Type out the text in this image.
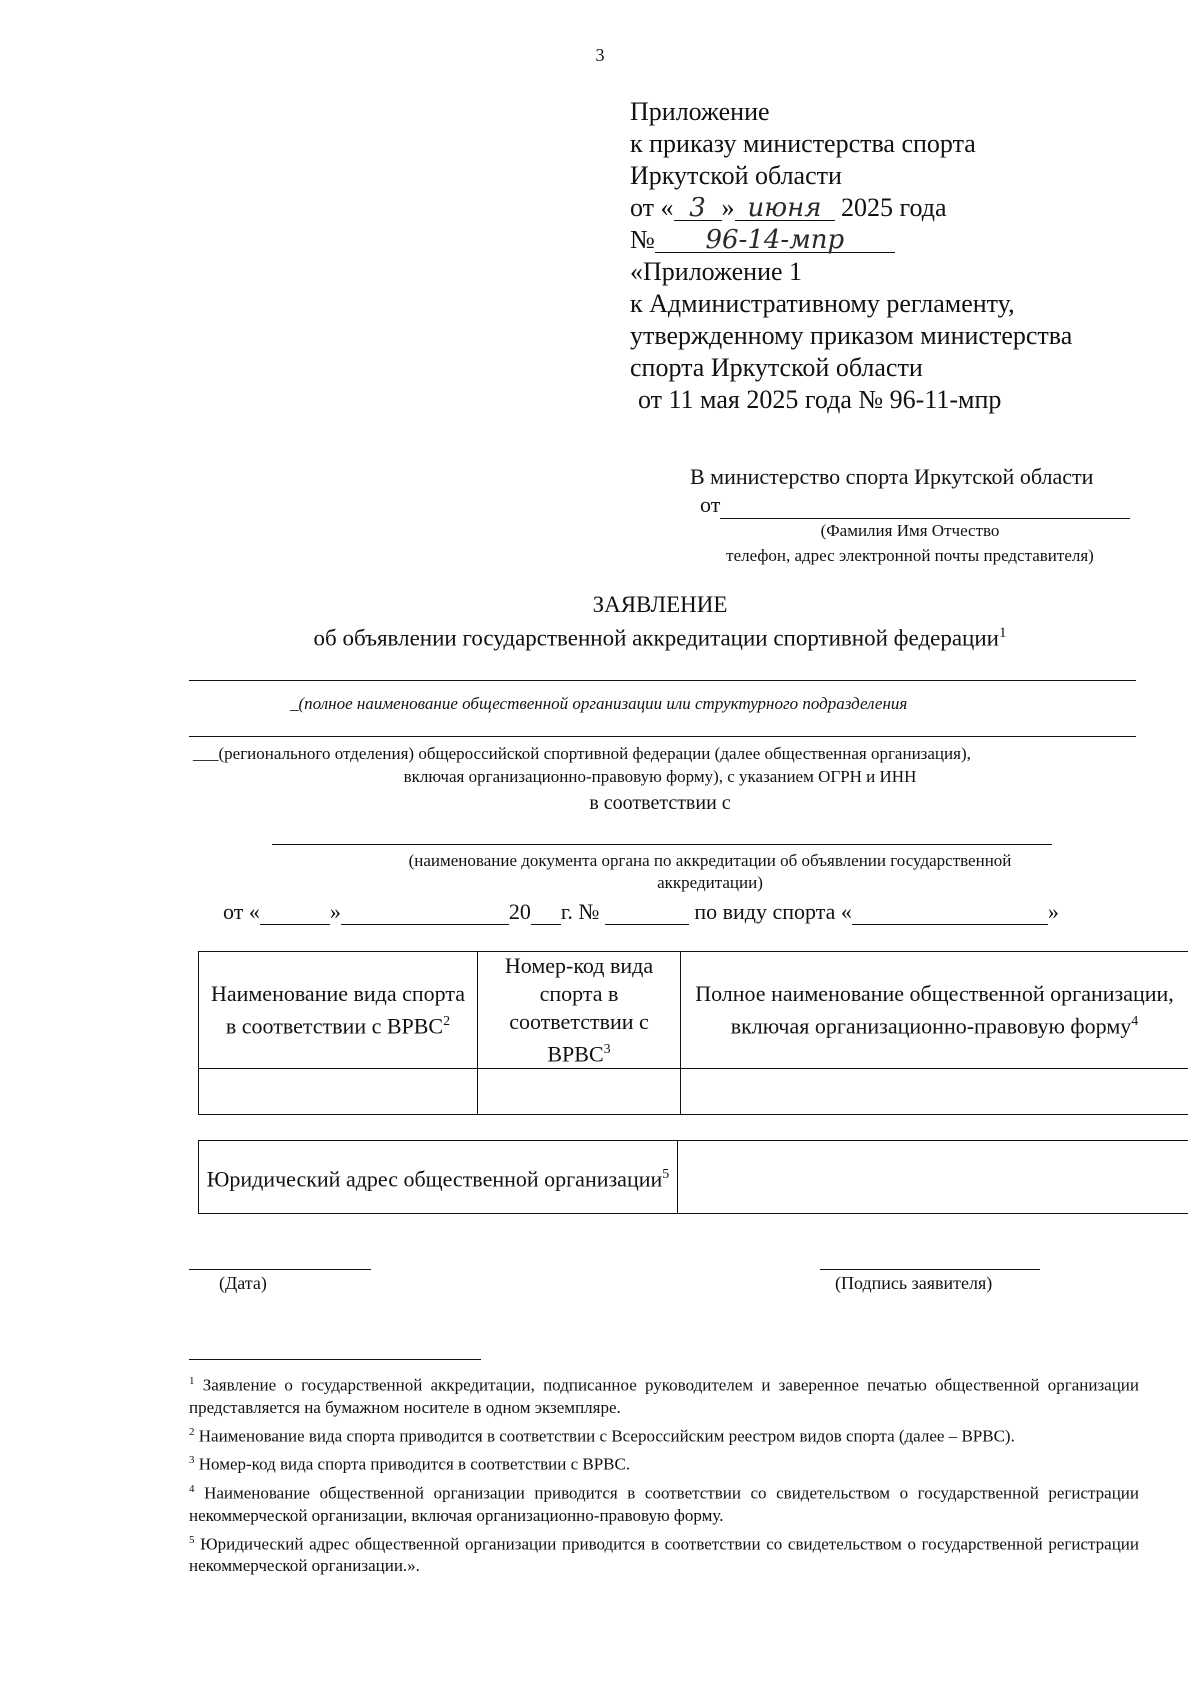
3
Приложение
к приказу министерства спорта
Иркутской области
от « 3 » июня 2025 года
№ 96-14-мпр
«Приложение 1
к Административному регламенту,
утвержденному приказом министерства
спорта Иркутской области
от 11 мая 2025 года № 96-11-мпр
В министерство спорта Иркутской области
от
(Фамилия Имя Отчество
телефон, адрес электронной почты представителя)
ЗАЯВЛЕНИЕ
об объявлении государственной аккредитации спортивной федерации$^1$
_(полное наименование общественной организации или структурного подразделения
___(регионального отделения) общероссийской спортивной федерации (далее общественная организация),
включая организационно-правовую форму), с указанием ОГРН и ИНН
в соответствии с
(наименование документа органа по аккредитации об объявлении государственной
аккредитации)
от «	»	20 г. №	по виду спорта «	»
Наименование вида спорта в соответствии с ВРВС$^2$	Номер-код вида спорта в соответствии с ВРВС$^3$	Полное наименование общественной организации, включая организационно-правовую форму$^4$

Юридический адрес общественной организации$^5$	
(Дата)	(Подпись заявителя)

$^1$ Заявление о государственной аккредитации, подписанное руководителем и заверенное печатью общественной организации представляется на бумажном носителе в одном экземпляре.

$^2$ Наименование вида спорта приводится в соответствии с Всероссийским реестром видов спорта (далее – ВРВС).

$^3$ Номер-код вида спорта приводится в соответствии с ВРВС.

$^4$ Наименование общественной организации приводится в соответствии со свидетельством о государственной регистрации некоммерческой организации, включая организационно-правовую форму.

$^5$ Юридический адрес общественной организации приводится в соответствии со свидетельством о государственной регистрации некоммерческой организации.».
